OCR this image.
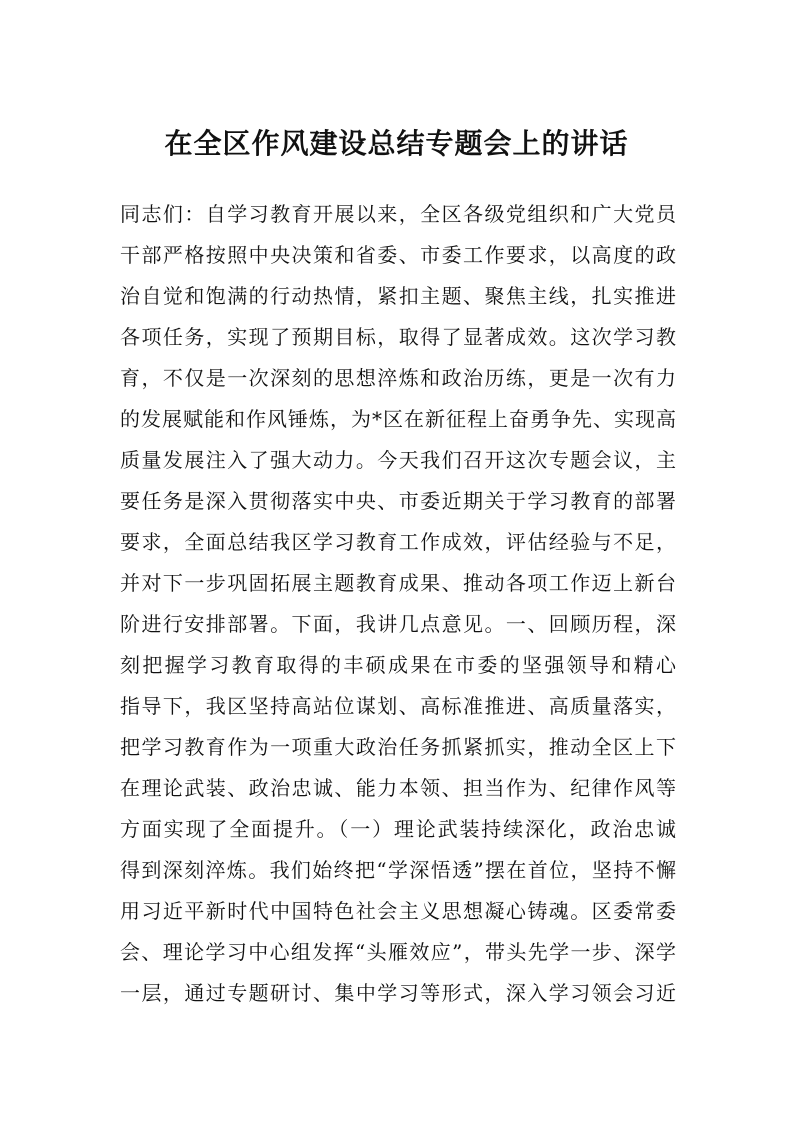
在全区作风建设总结专题会上的讲话
同志们：自学习教育开展以来，全区各级党组织和广大党员
干部严格按照中央决策和省委、市委工作要求，以高度的政
治自觉和饱满的行动热情，紧扣主题、聚焦主线，扎实推进
各项任务，实现了预期目标，取得了显著成效。这次学习教
育，不仅是一次深刻的思想淬炼和政治历练，更是一次有力
的发展赋能和作风锤炼，为*区在新征程上奋勇争先、实现高
质量发展注入了强大动力。今天我们召开这次专题会议，主
要任务是深入贯彻落实中央、市委近期关于学习教育的部署
要求，全面总结我区学习教育工作成效，评估经验与不足，
并对下一步巩固拓展主题教育成果、推动各项工作迈上新台
阶进行安排部署。下面，我讲几点意见。一、回顾历程，深
刻把握学习教育取得的丰硕成果在市委的坚强领导和精心
指导下，我区坚持高站位谋划、高标准推进、高质量落实，
把学习教育作为一项重大政治任务抓紧抓实，推动全区上下
在理论武装、政治忠诚、能力本领、担当作为、纪律作风等
方面实现了全面提升。（一）理论武装持续深化，政治忠诚
得到深刻淬炼。我们始终把“学深悟透”摆在首位，坚持不懈
用习近平新时代中国特色社会主义思想凝心铸魂。区委常委
会、理论学习中心组发挥“头雁效应”，带头先学一步、深学
一层，通过专题研讨、集中学习等形式，深入学习领会习近
